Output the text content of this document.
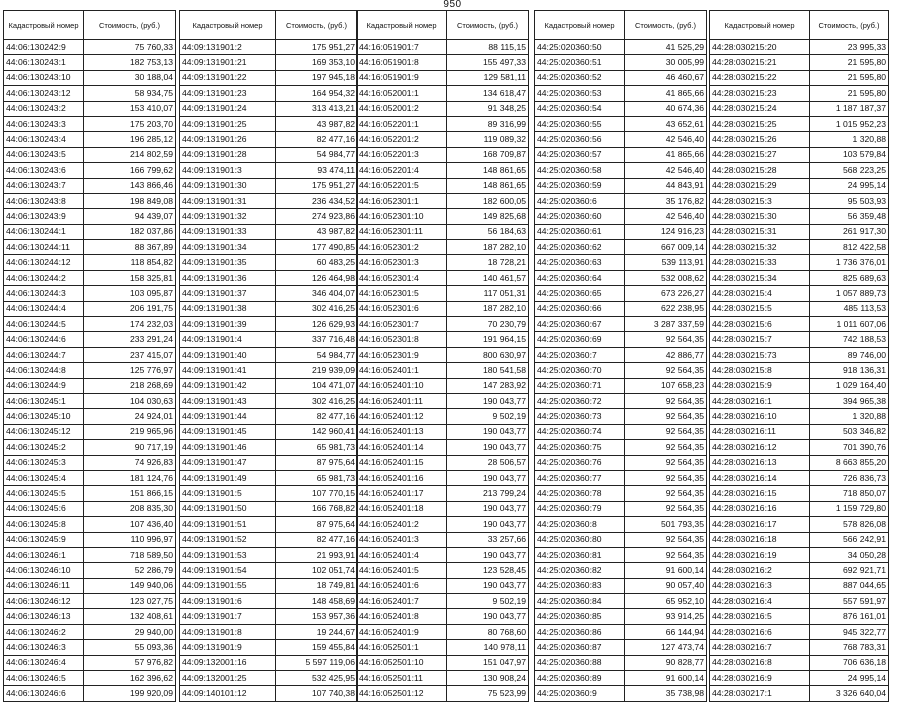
950
Кадастровый номер	Стоимость, (руб.)
44:06:130242:9	75 760,33
44:06:130243:1	182 753,13
44:06:130243:10	30 188,04
44:06:130243:12	58 934,75
44:06:130243:2	153 410,07
44:06:130243:3	175 203,70
44:06:130243:4	196 285,12
44:06:130243:5	214 802,59
44:06:130243:6	166 799,62
44:06:130243:7	143 866,46
44:06:130243:8	198 849,08
44:06:130243:9	94 439,07
44:06:130244:1	182 037,86
44:06:130244:11	88 367,89
44:06:130244:12	118 854,82
44:06:130244:2	158 325,81
44:06:130244:3	103 095,87
44:06:130244:4	206 191,75
44:06:130244:5	174 232,03
44:06:130244:6	233 291,24
44:06:130244:7	237 415,07
44:06:130244:8	125 776,97
44:06:130244:9	218 268,69
44:06:130245:1	104 030,63
44:06:130245:10	24 924,01
44:06:130245:12	219 965,96
44:06:130245:2	90 717,19
44:06:130245:3	74 926,83
44:06:130245:4	181 124,76
44:06:130245:5	151 866,15
44:06:130245:6	208 835,30
44:06:130245:8	107 436,40
44:06:130245:9	110 996,97
44:06:130246:1	718 589,50
44:06:130246:10	52 286,79
44:06:130246:11	149 940,06
44:06:130246:12	123 027,75
44:06:130246:13	132 408,61
44:06:130246:2	29 940,00
44:06:130246:3	55 093,36
44:06:130246:4	57 976,82
44:06:130246:5	162 396,62
44:06:130246:6	199 920,09
Кадастровый номер	Стоимость, (руб.)
44:09:131901:2	175 951,27
44:09:131901:21	169 353,10
44:09:131901:22	197 945,18
44:09:131901:23	164 954,32
44:09:131901:24	313 413,21
44:09:131901:25	43 987,82
44:09:131901:26	82 477,16
44:09:131901:28	54 984,77
44:09:131901:3	93 474,11
44:09:131901:30	175 951,27
44:09:131901:31	236 434,52
44:09:131901:32	274 923,86
44:09:131901:33	43 987,82
44:09:131901:34	177 490,85
44:09:131901:35	60 483,25
44:09:131901:36	126 464,98
44:09:131901:37	346 404,07
44:09:131901:38	302 416,25
44:09:131901:39	126 629,93
44:09:131901:4	337 716,48
44:09:131901:40	54 984,77
44:09:131901:41	219 939,09
44:09:131901:42	104 471,07
44:09:131901:43	302 416,25
44:09:131901:44	82 477,16
44:09:131901:45	142 960,41
44:09:131901:46	65 981,73
44:09:131901:47	87 975,64
44:09:131901:49	65 981,73
44:09:131901:5	107 770,15
44:09:131901:50	166 768,82
44:09:131901:51	87 975,64
44:09:131901:52	82 477,16
44:09:131901:53	21 993,91
44:09:131901:54	102 051,74
44:09:131901:55	18 749,81
44:09:131901:6	148 458,69
44:09:131901:7	153 957,36
44:09:131901:8	19 244,67
44:09:131901:9	159 455,84
44:09:132001:16	5 597 119,06
44:09:132001:25	532 425,95
44:09:140101:12	107 740,38
Кадастровый номер	Стоимость, (руб.)
44:16:051901:7	88 115,15
44:16:051901:8	155 497,33
44:16:051901:9	129 581,11
44:16:052001:1	134 618,47
44:16:052001:2	91 348,25
44:16:052201:1	89 316,99
44:16:052201:2	119 089,32
44:16:052201:3	168 709,87
44:16:052201:4	148 861,65
44:16:052201:5	148 861,65
44:16:052301:1	182 600,05
44:16:052301:10	149 825,68
44:16:052301:11	56 184,63
44:16:052301:2	187 282,10
44:16:052301:3	18 728,21
44:16:052301:4	140 461,57
44:16:052301:5	117 051,31
44:16:052301:6	187 282,10
44:16:052301:7	70 230,79
44:16:052301:8	191 964,15
44:16:052301:9	800 630,97
44:16:052401:1	180 541,58
44:16:052401:10	147 283,92
44:16:052401:11	190 043,77
44:16:052401:12	9 502,19
44:16:052401:13	190 043,77
44:16:052401:14	190 043,77
44:16:052401:15	28 506,57
44:16:052401:16	190 043,77
44:16:052401:17	213 799,24
44:16:052401:18	190 043,77
44:16:052401:2	190 043,77
44:16:052401:3	33 257,66
44:16:052401:4	190 043,77
44:16:052401:5	123 528,45
44:16:052401:6	190 043,77
44:16:052401:7	9 502,19
44:16:052401:8	190 043,77
44:16:052401:9	80 768,60
44:16:052501:1	140 978,11
44:16:052501:10	151 047,97
44:16:052501:11	130 908,24
44:16:052501:12	75 523,99
Кадастровый номер	Стоимость, (руб.)
44:25:020360:50	41 525,29
44:25:020360:51	30 005,99
44:25:020360:52	46 460,67
44:25:020360:53	41 865,66
44:25:020360:54	40 674,36
44:25:020360:55	43 652,61
44:25:020360:56	42 546,40
44:25:020360:57	41 865,66
44:25:020360:58	42 546,40
44:25:020360:59	44 843,91
44:25:020360:6	35 176,82
44:25:020360:60	42 546,40
44:25:020360:61	124 916,23
44:25:020360:62	667 009,14
44:25:020360:63	539 113,91
44:25:020360:64	532 008,62
44:25:020360:65	673 226,27
44:25:020360:66	622 238,95
44:25:020360:67	3 287 337,59
44:25:020360:69	92 564,35
44:25:020360:7	42 886,77
44:25:020360:70	92 564,35
44:25:020360:71	107 658,23
44:25:020360:72	92 564,35
44:25:020360:73	92 564,35
44:25:020360:74	92 564,35
44:25:020360:75	92 564,35
44:25:020360:76	92 564,35
44:25:020360:77	92 564,35
44:25:020360:78	92 564,35
44:25:020360:79	92 564,35
44:25:020360:8	501 793,35
44:25:020360:80	92 564,35
44:25:020360:81	92 564,35
44:25:020360:82	91 600,14
44:25:020360:83	90 057,40
44:25:020360:84	65 952,10
44:25:020360:85	93 914,25
44:25:020360:86	66 144,94
44:25:020360:87	127 473,74
44:25:020360:88	90 828,77
44:25:020360:89	91 600,14
44:25:020360:9	35 738,98
Кадастровый номер	Стоимость, (руб.)
44:28:030215:20	23 995,33
44:28:030215:21	21 595,80
44:28:030215:22	21 595,80
44:28:030215:23	21 595,80
44:28:030215:24	1 187 187,37
44:28:030215:25	1 015 952,23
44:28:030215:26	1 320,88
44:28:030215:27	103 579,84
44:28:030215:28	568 223,25
44:28:030215:29	24 995,14
44:28:030215:3	95 503,93
44:28:030215:30	56 359,48
44:28:030215:31	261 917,30
44:28:030215:32	812 422,58
44:28:030215:33	1 736 376,01
44:28:030215:34	825 689,63
44:28:030215:4	1 057 889,73
44:28:030215:5	485 113,53
44:28:030215:6	1 011 607,06
44:28:030215:7	742 188,53
44:28:030215:73	89 746,00
44:28:030215:8	918 136,31
44:28:030215:9	1 029 164,40
44:28:030216:1	394 965,38
44:28:030216:10	1 320,88
44:28:030216:11	503 346,82
44:28:030216:12	701 390,76
44:28:030216:13	8 663 855,20
44:28:030216:14	726 836,73
44:28:030216:15	718 850,07
44:28:030216:16	1 159 729,80
44:28:030216:17	578 826,08
44:28:030216:18	566 242,91
44:28:030216:19	34 050,28
44:28:030216:2	692 921,71
44:28:030216:3	887 044,65
44:28:030216:4	557 591,97
44:28:030216:5	876 161,01
44:28:030216:6	945 322,77
44:28:030216:7	768 783,31
44:28:030216:8	706 636,18
44:28:030216:9	24 995,14
44:28:030217:1	3 326 640,04
